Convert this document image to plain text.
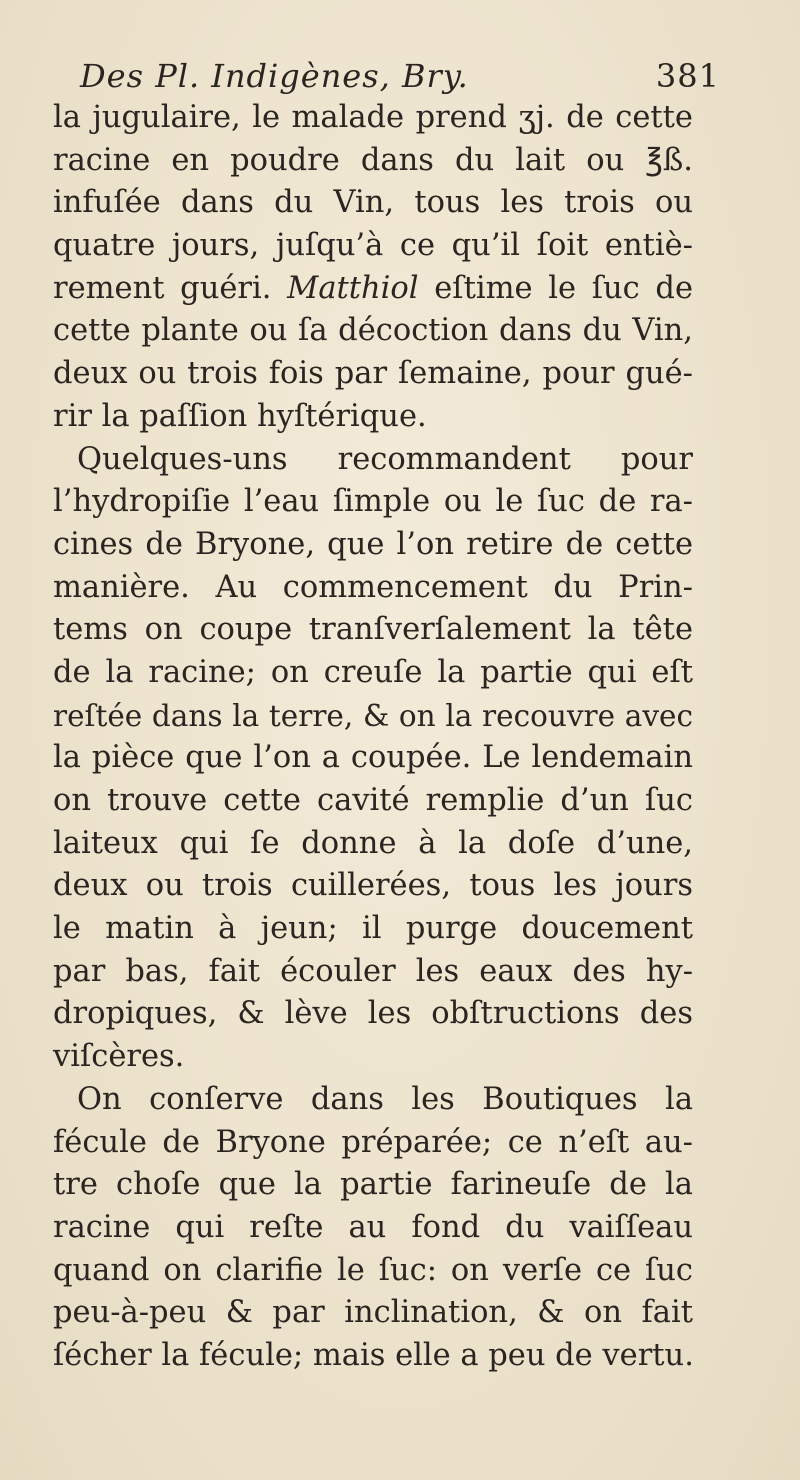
Des Pl. Indigènes, Bry.	381
la jugulaire, le malade prend ʒj. de cette
racine en poudre dans du lait ou ℥ß.
infuſée dans du Vin, tous les trois ou
quatre jours, juſqu’à ce qu’il ſoit entiè-
rement guéri. Matthiol eſtime le ſuc de
cette plante ou ſa décoction dans du Vin,
deux ou trois fois par ſemaine, pour gué-
rir la paſſion hyſtérique.
Quelques-uns recommandent pour
l’hydropiſie l’eau ſimple ou le ſuc de ra-
cines de Bryone, que l’on retire de cette
manière. Au commencement du Prin-
tems on coupe tranſverſalement la tête
de la racine; on creuſe la partie qui eſt
reſtée dans la terre, & on la recouvre avec
la pièce que l’on a coupée. Le lendemain
on trouve cette cavité remplie d’un ſuc
laiteux qui ſe donne à la doſe d’une,
deux ou trois cuillerées, tous les jours
le matin à jeun; il purge doucement
par bas, fait écouler les eaux des hy-
dropiques, & lève les obſtructions des
viſcères.
On conſerve dans les Boutiques la
fécule de Bryone préparée; ce n’eſt au-
tre choſe que la partie farineuſe de la
racine qui reſte au fond du vaiſſeau
quand on clarifie le ſuc: on verſe ce ſuc
peu-à-peu & par inclination, & on fait
ſécher la fécule; mais elle a peu de vertu.
